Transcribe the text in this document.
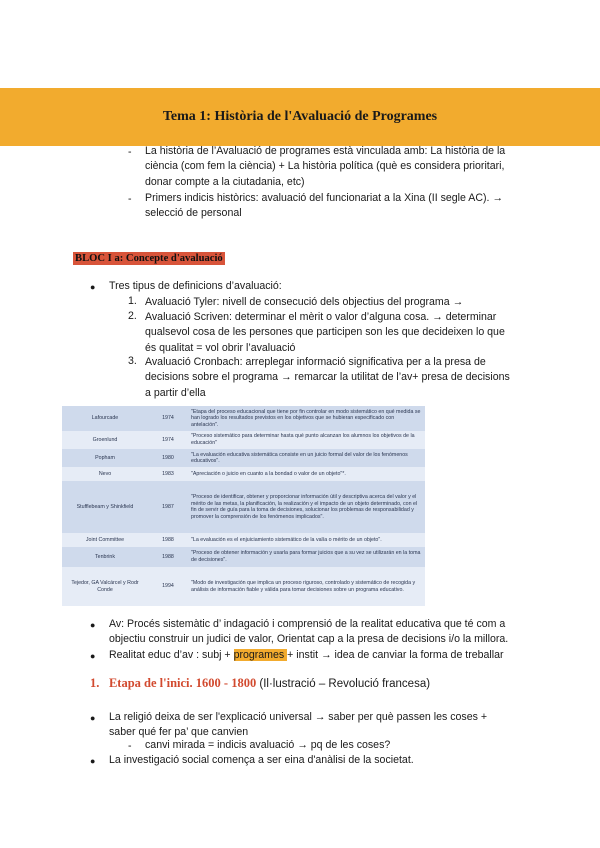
Tema 1: Història de l'Avaluació de Programes
- La història de l’Avaluació de programes està vinculada amb: La història de la
ciència (com fem la ciència) + La història política (què es considera prioritari,
donar compte a la ciutadania, etc)
- Primers indicis històrics: avaluació del funcionariat a la Xina (II segle AC). →
selecció de personal
BLOC I a: Concepte d'avaluació
● Tres tipus de definicions d’avaluació:
1. Avaluació Tyler: nivell de consecució dels objectius del programa →
2. Avaluació Scriven: determinar el mèrit o valor d’alguna cosa. → determinar
qualsevol cosa de les persones que participen son les que decideixen lo que
és qualitat = vol obrir l’avaluació
3. Avaluació Cronbach: arreplegar informació significativa per a la presa de
decisions sobre el programa → remarcar la utilitat de l’av+ presa de decisions
a partir d’ella
Lafourcade	1974	"Etapa del proceso educacional que tiene por fin controlar en modo sistemático en qué medida se han logrado los resultados previstos en los objetivos que se hubieran especificado con antelación".
Groenlund	1974	"Proceso sistemático para determinar hasta qué punto alcanzan los alumnos los objetivos de la educación"
Popham	1980	"La evaluación educativa sistemática consiste en un juicio formal del valor de los fenómenos educativos".
Nevo	1983	"Apreciación o juicio en cuanto a la bondad o valor de un objeto"*.
Stufflebeam y Shinkfield	1987	"Proceso de identificar, obtener y proporcionar información útil y descriptiva acerca del valor y el mérito de las metas, la planificación, la realización y el impacto de un objeto determinado, con el fin de servir de guía para la toma de decisiones, solucionar los problemas de responsabilidad y promover la comprensión de los fenómenos implicados".
Joint Committee	1988	"La evaluación es el enjuiciamiento sistemático de la valía o mérito de un objeto".
Tenbrink	1988	"Proceso de obtener información y usarla para formar juicios que a su vez se utilizarán en la toma de decisiones".
Tejedor, GA Valcárcel y Rodr Conde	1994	"Modo de investigación que implica un proceso riguroso, controlado y sistemático de recogida y análisis de información fiable y válida para tomar decisiones sobre un programa educativo.
● Av: Procés sistemàtic d’ indagació i comprensió de la realitat educativa que té com a
objectiu construir un judici de valor, Orientat cap a la presa de decisions i/o la millora.
● Realitat educ d’av : subj + programes + instit → idea de canviar la forma de treballar
1. Etapa de l'inici. 1600 - 1800 (Il·lustració – Revolució francesa)
● La religió deixa de ser l'explicació universal → saber per què passen les coses +
saber qué fer pa’ que canvien
- canvi mirada = indicis avaluació → pq de les coses?
● La investigació social comença a ser eina d'anàlisi de la societat.
